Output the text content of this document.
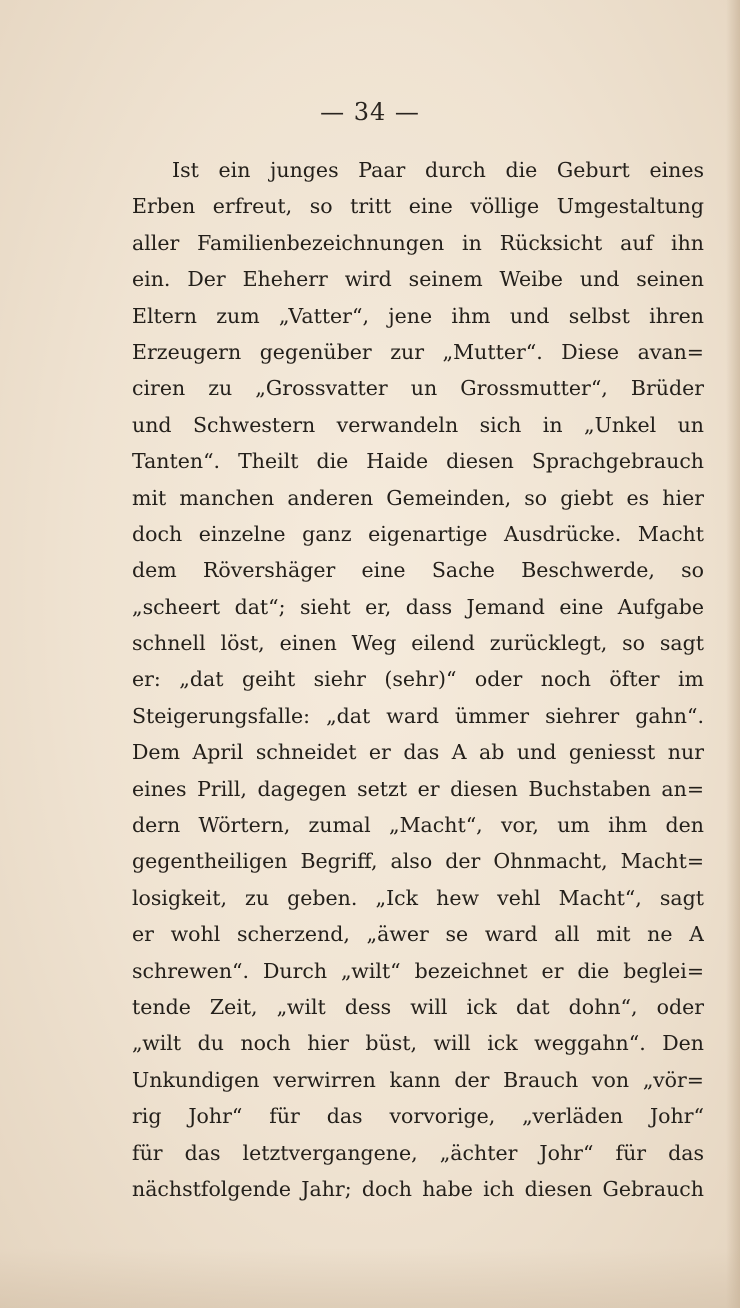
— 34 —
Ist ein junges Paar durch die Geburt eines
Erben erfreut, so tritt eine völlige Umgestaltung
aller Familienbezeichnungen in Rücksicht auf ihn
ein. Der Eheherr wird seinem Weibe und seinen
Eltern zum „Vatter“, jene ihm und selbst ihren
Erzeugern gegenüber zur „Mutter“. Diese avan=
ciren zu „Grossvatter un Grossmutter“, Brüder
und Schwestern verwandeln sich in „Unkel un
Tanten“. Theilt die Haide diesen Sprachgebrauch
mit manchen anderen Gemeinden, so giebt es hier
doch einzelne ganz eigenartige Ausdrücke. Macht
dem Rövershäger eine Sache Beschwerde, so
„scheert dat“; sieht er, dass Jemand eine Aufgabe
schnell löst, einen Weg eilend zurücklegt, so sagt
er: „dat geiht siehr (sehr)“ oder noch öfter im
Steigerungsfalle: „dat ward ümmer siehrer gahn“.
Dem April schneidet er das A ab und geniesst nur
eines Prill, dagegen setzt er diesen Buchstaben an=
dern Wörtern, zumal „Macht“, vor, um ihm den
gegentheiligen Begriff, also der Ohnmacht, Macht=
losigkeit, zu geben. „Ick hew vehl Macht“, sagt
er wohl scherzend, „äwer se ward all mit ne A
schrewen“. Durch „wilt“ bezeichnet er die beglei=
tende Zeit, „wilt dess will ick dat dohn“, oder
„wilt du noch hier büst, will ick weggahn“. Den
Unkundigen verwirren kann der Brauch von „vör=
rig Johr“ für das vorvorige, „verläden Johr“
für das letztvergangene, „ächter Johr“ für das
nächstfolgende Jahr; doch habe ich diesen Gebrauch
